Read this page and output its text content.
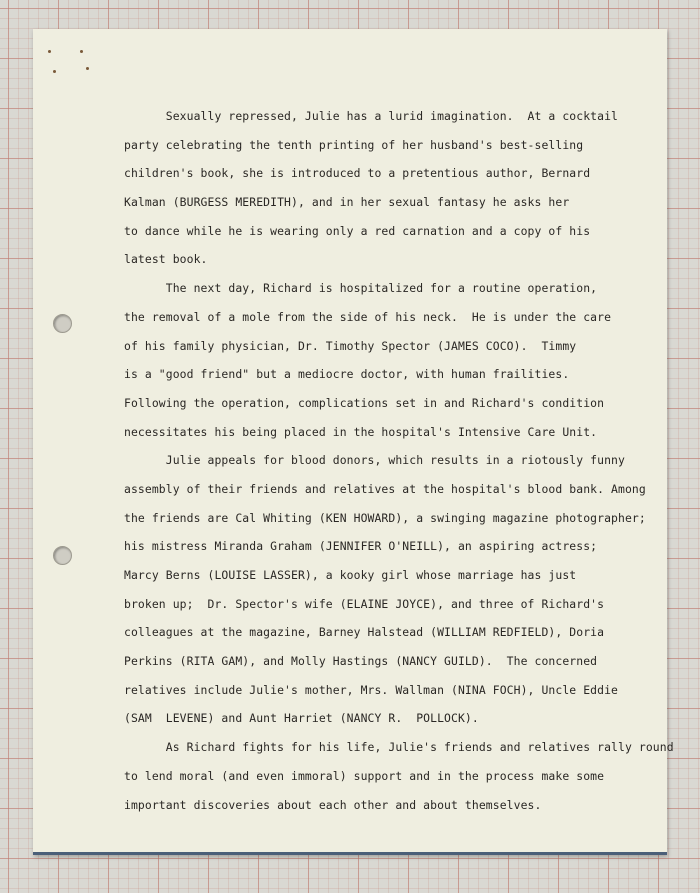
Sexually repressed, Julie has a lurid imagination.  At a cocktail
party celebrating the tenth printing of her husband's best-selling
children's book, she is introduced to a pretentious author, Bernard
Kalman (BURGESS MEREDITH), and in her sexual fantasy he asks her
to dance while he is wearing only a red carnation and a copy of his
latest book.
The next day, Richard is hospitalized for a routine operation,
the removal of a mole from the side of his neck.  He is under the care
of his family physician, Dr. Timothy Spector (JAMES COCO).  Timmy
is a "good friend" but a mediocre doctor, with human frailities.
Following the operation, complications set in and Richard's condition
necessitates his being placed in the hospital's Intensive Care Unit.
Julie appeals for blood donors, which results in a riotously funny
assembly of their friends and relatives at the hospital's blood bank. Among
the friends are Cal Whiting (KEN HOWARD), a swinging magazine photographer;
his mistress Miranda Graham (JENNIFER O'NEILL), an aspiring actress;
Marcy Berns (LOUISE LASSER), a kooky girl whose marriage has just
broken up;  Dr. Spector's wife (ELAINE JOYCE), and three of Richard's
colleagues at the magazine, Barney Halstead (WILLIAM REDFIELD), Doria
Perkins (RITA GAM), and Molly Hastings (NANCY GUILD).  The concerned
relatives include Julie's mother, Mrs. Wallman (NINA FOCH), Uncle Eddie
(SAM  LEVENE) and Aunt Harriet (NANCY R.  POLLOCK).
As Richard fights for his life, Julie's friends and relatives rally round
to lend moral (and even immoral) support and in the process make some
important discoveries about each other and about themselves.
